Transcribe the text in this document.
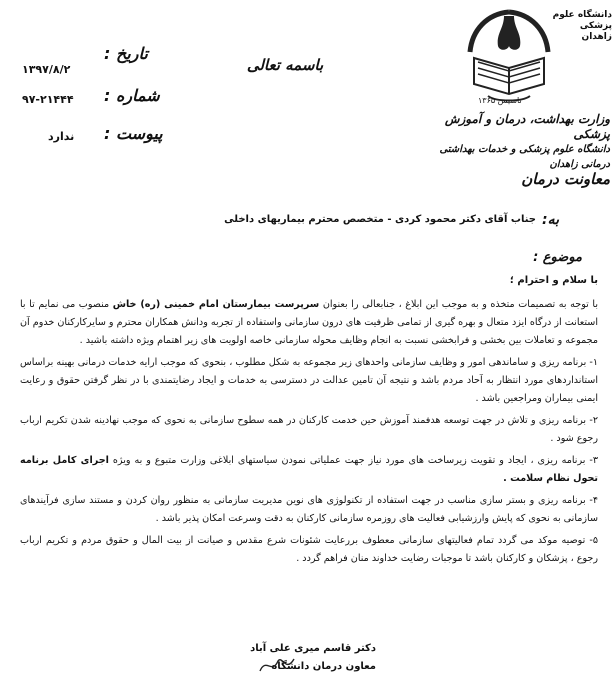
دانشگاه علوم پزشکی زاهدان
تاسیس ۱۳۶۵
وزارت بهداشت، درمان و آموزش پزشکی
دانشگاه علوم پزشکی و خدمات بهداشتی درمانی زاهدان
معاونت درمان
باسمه تعالی
تاریخ :
۱۳۹۷/۸/۲
شماره :
۹۷-۲۱۴۴۴
پیوست :
ندارد
به:
جناب آقای دکتر محمود کردی - متخصص محترم بیماریهای داخلی
موضوع :
با سلام و احترام ؛

با توجه به تصمیمات متخذه و به موجب این ابلاغ ، جنابعالی را بعنوان سرپرست بیمارستان امام خمینی (ره) خاش منصوب می نمایم تا با استعانت از درگاه ایزد متعال و بهره گیری از تمامی ظرفیت های درون سازمانی واستفاده از تجربه ودانش همکاران محترم و سایرکارکنان خدوم آن مجموعه و تعاملات بین بخشی و فرابخشی نسبت به انجام وظایف محوله سازمانی خاصه اولویت های زیر اهتمام ویژه داشته باشید .

۱- برنامه ریزی و ساماندهی امور و وظایف سازمانی واحدهای زیر مجموعه به شکل مطلوب ، بنحوی که موجب ارایه خدمات درمانی بهینه براساس استانداردهای مورد انتظار به آحاد مردم باشد و نتیجه آن تامین عدالت در دسترسی به خدمات و ایجاد رضایتمندی با در نظر گرفتن حقوق و رعایت ایمنی بیماران ومراجعین باشد .

۲- برنامه ریزی و تلاش در جهت توسعه هدفمند آموزش حین خدمت کارکنان در همه سطوح سازمانی به نحوی که موجب نهادینه شدن تکریم ارباب رجوع شود .

۳- برنامه ریزی ، ایجاد و تقویت زیرساخت های مورد نیاز جهت عملیاتی نمودن سیاستهای ابلاغی وزارت متبوع و به ویژه اجرای کامل برنامه تحول نظام سلامت .

۴- برنامه ریزی و بستر سازی مناسب در جهت استفاده از تکنولوژی های نوین مدیریت سازمانی به منظور روان کردن و مستند سازی فرآیندهای سازمانی به نحوی که پایش وارزشیابی فعالیت های روزمره سازمانی کارکنان به دقت وسرعت امکان پذیر باشد .

۵- توصیه موکد می گردد تمام فعالیتهای سازمانی معطوف بررعایت شئونات شرع مقدس و صیانت از بیت المال و حقوق مردم و تکریم ارباب رجوع ، پزشکان و کارکنان باشد تا موجبات رضایت خداوند منان فراهم گردد .

دکتر قاسم میری علی آباد
معاون درمان دانشگاه
